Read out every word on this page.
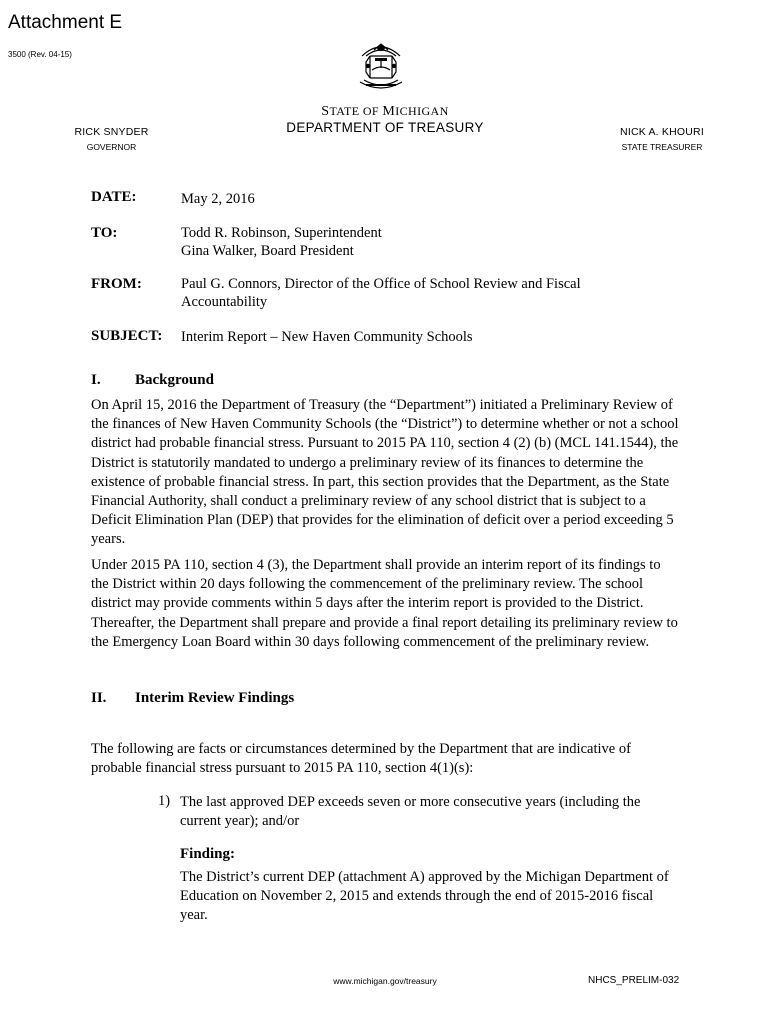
Attachment E
3500 (Rev. 04-15)
STATE OF MICHIGAN
DEPARTMENT OF TREASURY
RICK SNYDER
GOVERNOR
NICK A. KHOURI
STATE TREASURER
DATE:	May 2, 2016
TO:	Todd R. Robinson, Superintendent
Gina Walker, Board President
FROM:	Paul G. Connors, Director of the Office of School Review and Fiscal Accountability
SUBJECT: Interim Report – New Haven Community Schools
I. Background
On April 15, 2016 the Department of Treasury (the “Department”) initiated a Preliminary Review of the finances of New Haven Community Schools (the “District”) to determine whether or not a school district had probable financial stress. Pursuant to 2015 PA 110, section 4 (2) (b) (MCL 141.1544), the District is statutorily mandated to undergo a preliminary review of its finances to determine the existence of probable financial stress. In part, this section provides that the Department, as the State Financial Authority, shall conduct a preliminary review of any school district that is subject to a Deficit Elimination Plan (DEP) that provides for the elimination of deficit over a period exceeding 5 years.
Under 2015 PA 110, section 4 (3), the Department shall provide an interim report of its findings to the District within 20 days following the commencement of the preliminary review. The school district may provide comments within 5 days after the interim report is provided to the District. Thereafter, the Department shall prepare and provide a final report detailing its preliminary review to the Emergency Loan Board within 30 days following commencement of the preliminary review.
II. Interim Review Findings
The following are facts or circumstances determined by the Department that are indicative of probable financial stress pursuant to 2015 PA 110, section 4(1)(s):
1) The last approved DEP exceeds seven or more consecutive years (including the current year); and/or
Finding:
The District’s current DEP (attachment A) approved by the Michigan Department of Education on November 2, 2015 and extends through the end of 2015-2016 fiscal year.
www.michigan.gov/treasury	NHCS_PRELIM-032
